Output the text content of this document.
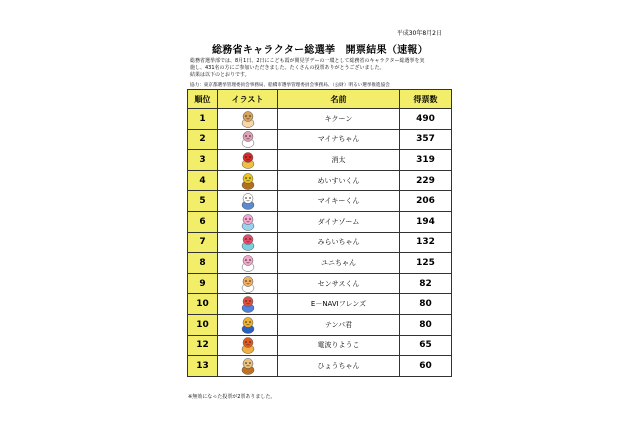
平成30年8月2日
総務省キャラクター総選挙　開票結果（速報）
総務省選挙部では、8月1日、2日にこども霞が関見学デーの一環として総務省のキャラクター総選挙を実
施し、431名の方にご参加いただきました。たくさんの投票ありがとうございました。
結果は以下のとおりです。
協力：東京都選挙管理委員会事務局、船橋市選挙管理委員会事務局、（公財）明るい選挙推進協会
順位	イラスト	名前	得票数
1		キクーン	490
2		マイナちゃん	357
3		消太	319
4		めいすいくん	229
5		マイキーくん	206
6		ダイナゾーム	194
7		みらいちゃん	132
8		ユニちゃん	125
9		センサスくん	82
10		E－NAVIフレンズ	80
10		テンパ君	80
12		電波りようこ	65
13		ひょうちゃん	60
※無効になった投票が2票ありました。
